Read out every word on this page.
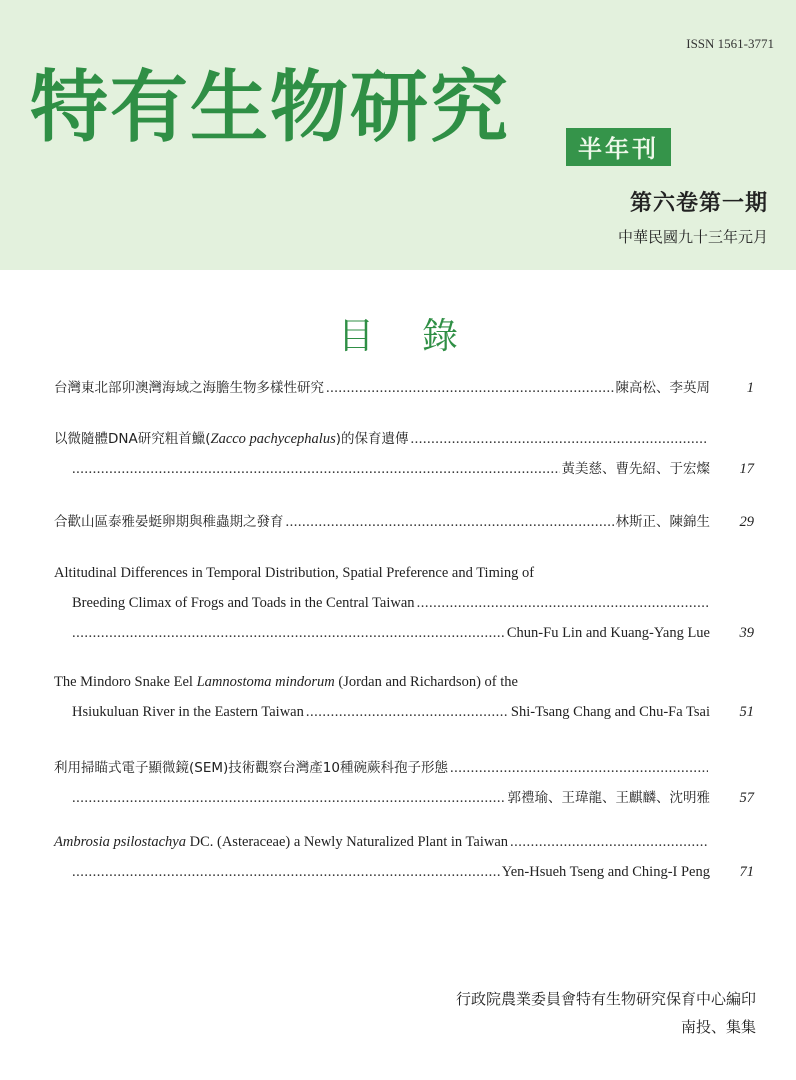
ISSN 1561-3771
特有生物研究	半年刊
第六卷第一期
中華民國九十三年元月
目錄
台灣東北部卯澳灣海域之海膽生物多樣性研究 .....	陳高松、李英周	1
以微隨體DNA研究粗首鱲(Zacco pachycephalus)的保育遺傳
.....
.....
黃美慈、曹先紹、于宏燦	17
合歡山區泰雅晏蜓卵期與稚蟲期之發育 .....	林斯正、陳錦生	29
Altitudinal Differences in Temporal Distribution, Spatial Preference and Timing of
Breeding Climax of Frogs and Toads in the Central Taiwan
.....
.....
Chun-Fu Lin and Kuang-Yang Lue	39
The Mindoro Snake Eel Lamnostoma mindorum (Jordan and Richardson) of the
Hsiukuluan River in the Eastern Taiwan .....	Shi-Tsang Chang and Chu-Fa Tsai	51
利用掃瞄式電子顯微鏡(SEM)技術觀察台灣產10種碗蕨科孢子形態
.....
.....
郭禮瑜、王瑋龍、王麒麟、沈明雅	57
Ambrosia psilostachya DC. (Asteraceae) a Newly Naturalized Plant in Taiwan
.....
.....
Yen-Hsueh Tseng and Ching-I Peng	71
行政院農業委員會特有生物研究保育中心編印
南投、集集
